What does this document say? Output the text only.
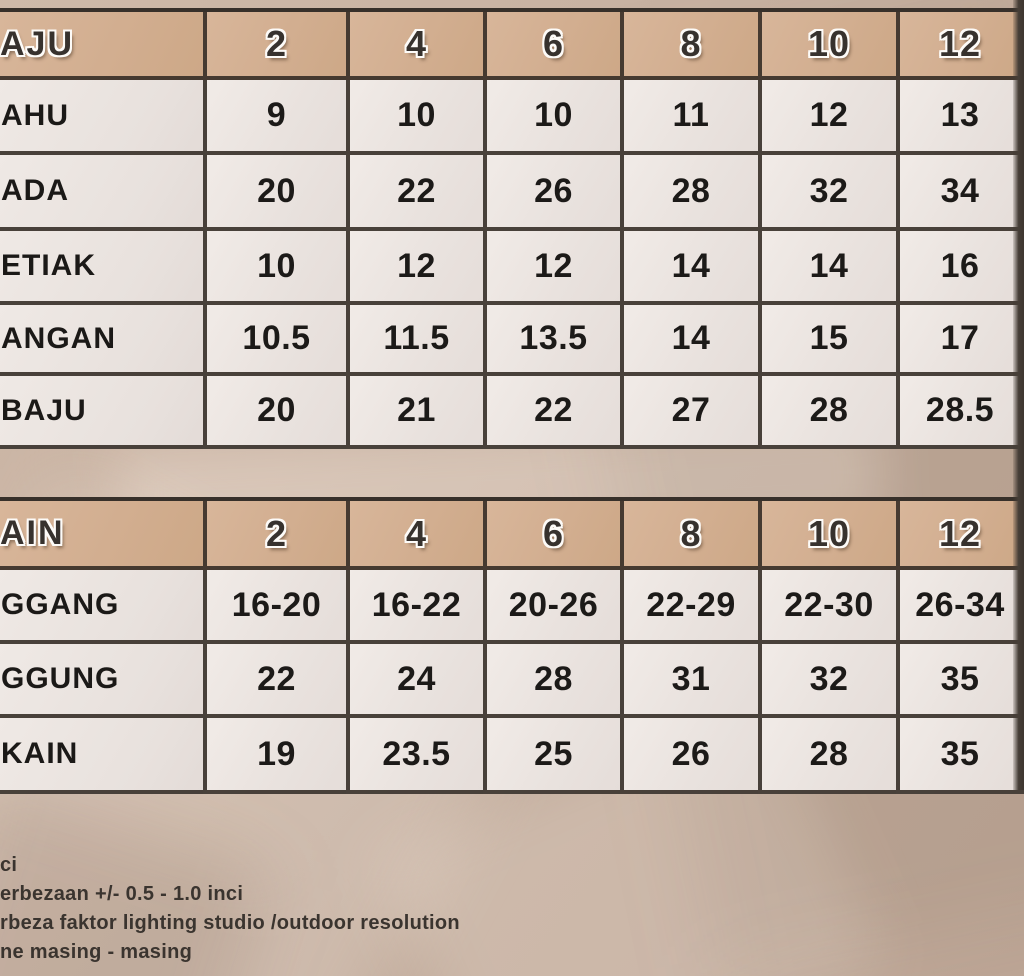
AJU	2	4	6	8	10	12
AHU	9	10	10	11	12	13
ADA	20	22	26	28	32	34
ETIAK	10	12	12	14	14	16
ANGAN	10.5	11.5	13.5	14	15	17
BAJU	20	21	22	27	28	28.5
AIN	2	4	6	8	10	12
GGANG	16-20	16-22	20-26	22-29	22-30	26-34
GGUNG	22	24	28	31	32	35
KAIN	19	23.5	25	26	28	35
ci
erbezaan +/- 0.5 - 1.0 inci
rbeza faktor lighting studio /outdoor resolution
ne masing - masing
